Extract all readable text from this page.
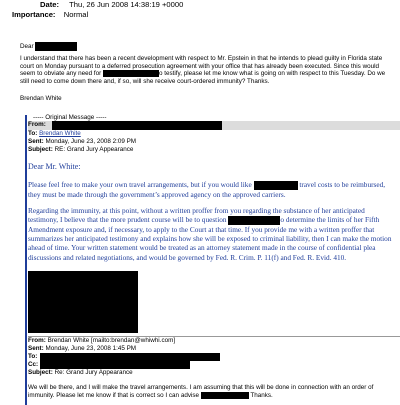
Date: Thu, 26 Jun 2008 14:38:19 +0000
Importance: Normal
Dear
I understand that there has been a recent development with respect to Mr. Epstein in that he intends to plead guilty in Florida state court on Monday pursuant to a deferred prosecution agreement with your office that has already been executed. Since this would seem to obviate any need for	o testify, please let me know what is going on with respect to this Tuesday. Do we still need to come down there and, if so, will she receive court-ordered immunity? Thanks.
Brendan White
----- Original Message -----
From:
To: Brendan White
Sent: Monday, June 23, 2008 2:09 PM
Subject: RE: Grand Jury Appearance
Dear Mr. White:
Please feel free to make your own travel arrangements, but if you would like	travel costs to be reimbursed, they must be made through the government’s approved agency on the approved carriers.
Regarding the immunity, at this point, without a written proffer from you regarding the substance of her anticipated testimony, I believe that the more prudent course will be to question	o determine the limits of her Fifth Amendment exposure and, if necessary, to apply to the Court at that time. If you provide me with a written proffer that summarizes her anticipated testimony and explains how she will be exposed to criminal liability, then I can make the motion ahead of time. Your written statement would be treated as an attorney statement made in the course of confidential plea discussions and related negotiations, and would be governed by Fed. R. Crim. P. 11(f) and Fed. R. Evid. 410.
From: Brendan White [mailto:brendan@whiwhi.com]
Sent: Monday, June 23, 2008 1:45 PM
To:
Cc:
Subject: Re: Grand Jury Appearance
We will be there, and I will make the travel arrangements. I am assuming that this will be done in connection with an order of immunity. Please let me know if that is correct so I can advise	Thanks.
